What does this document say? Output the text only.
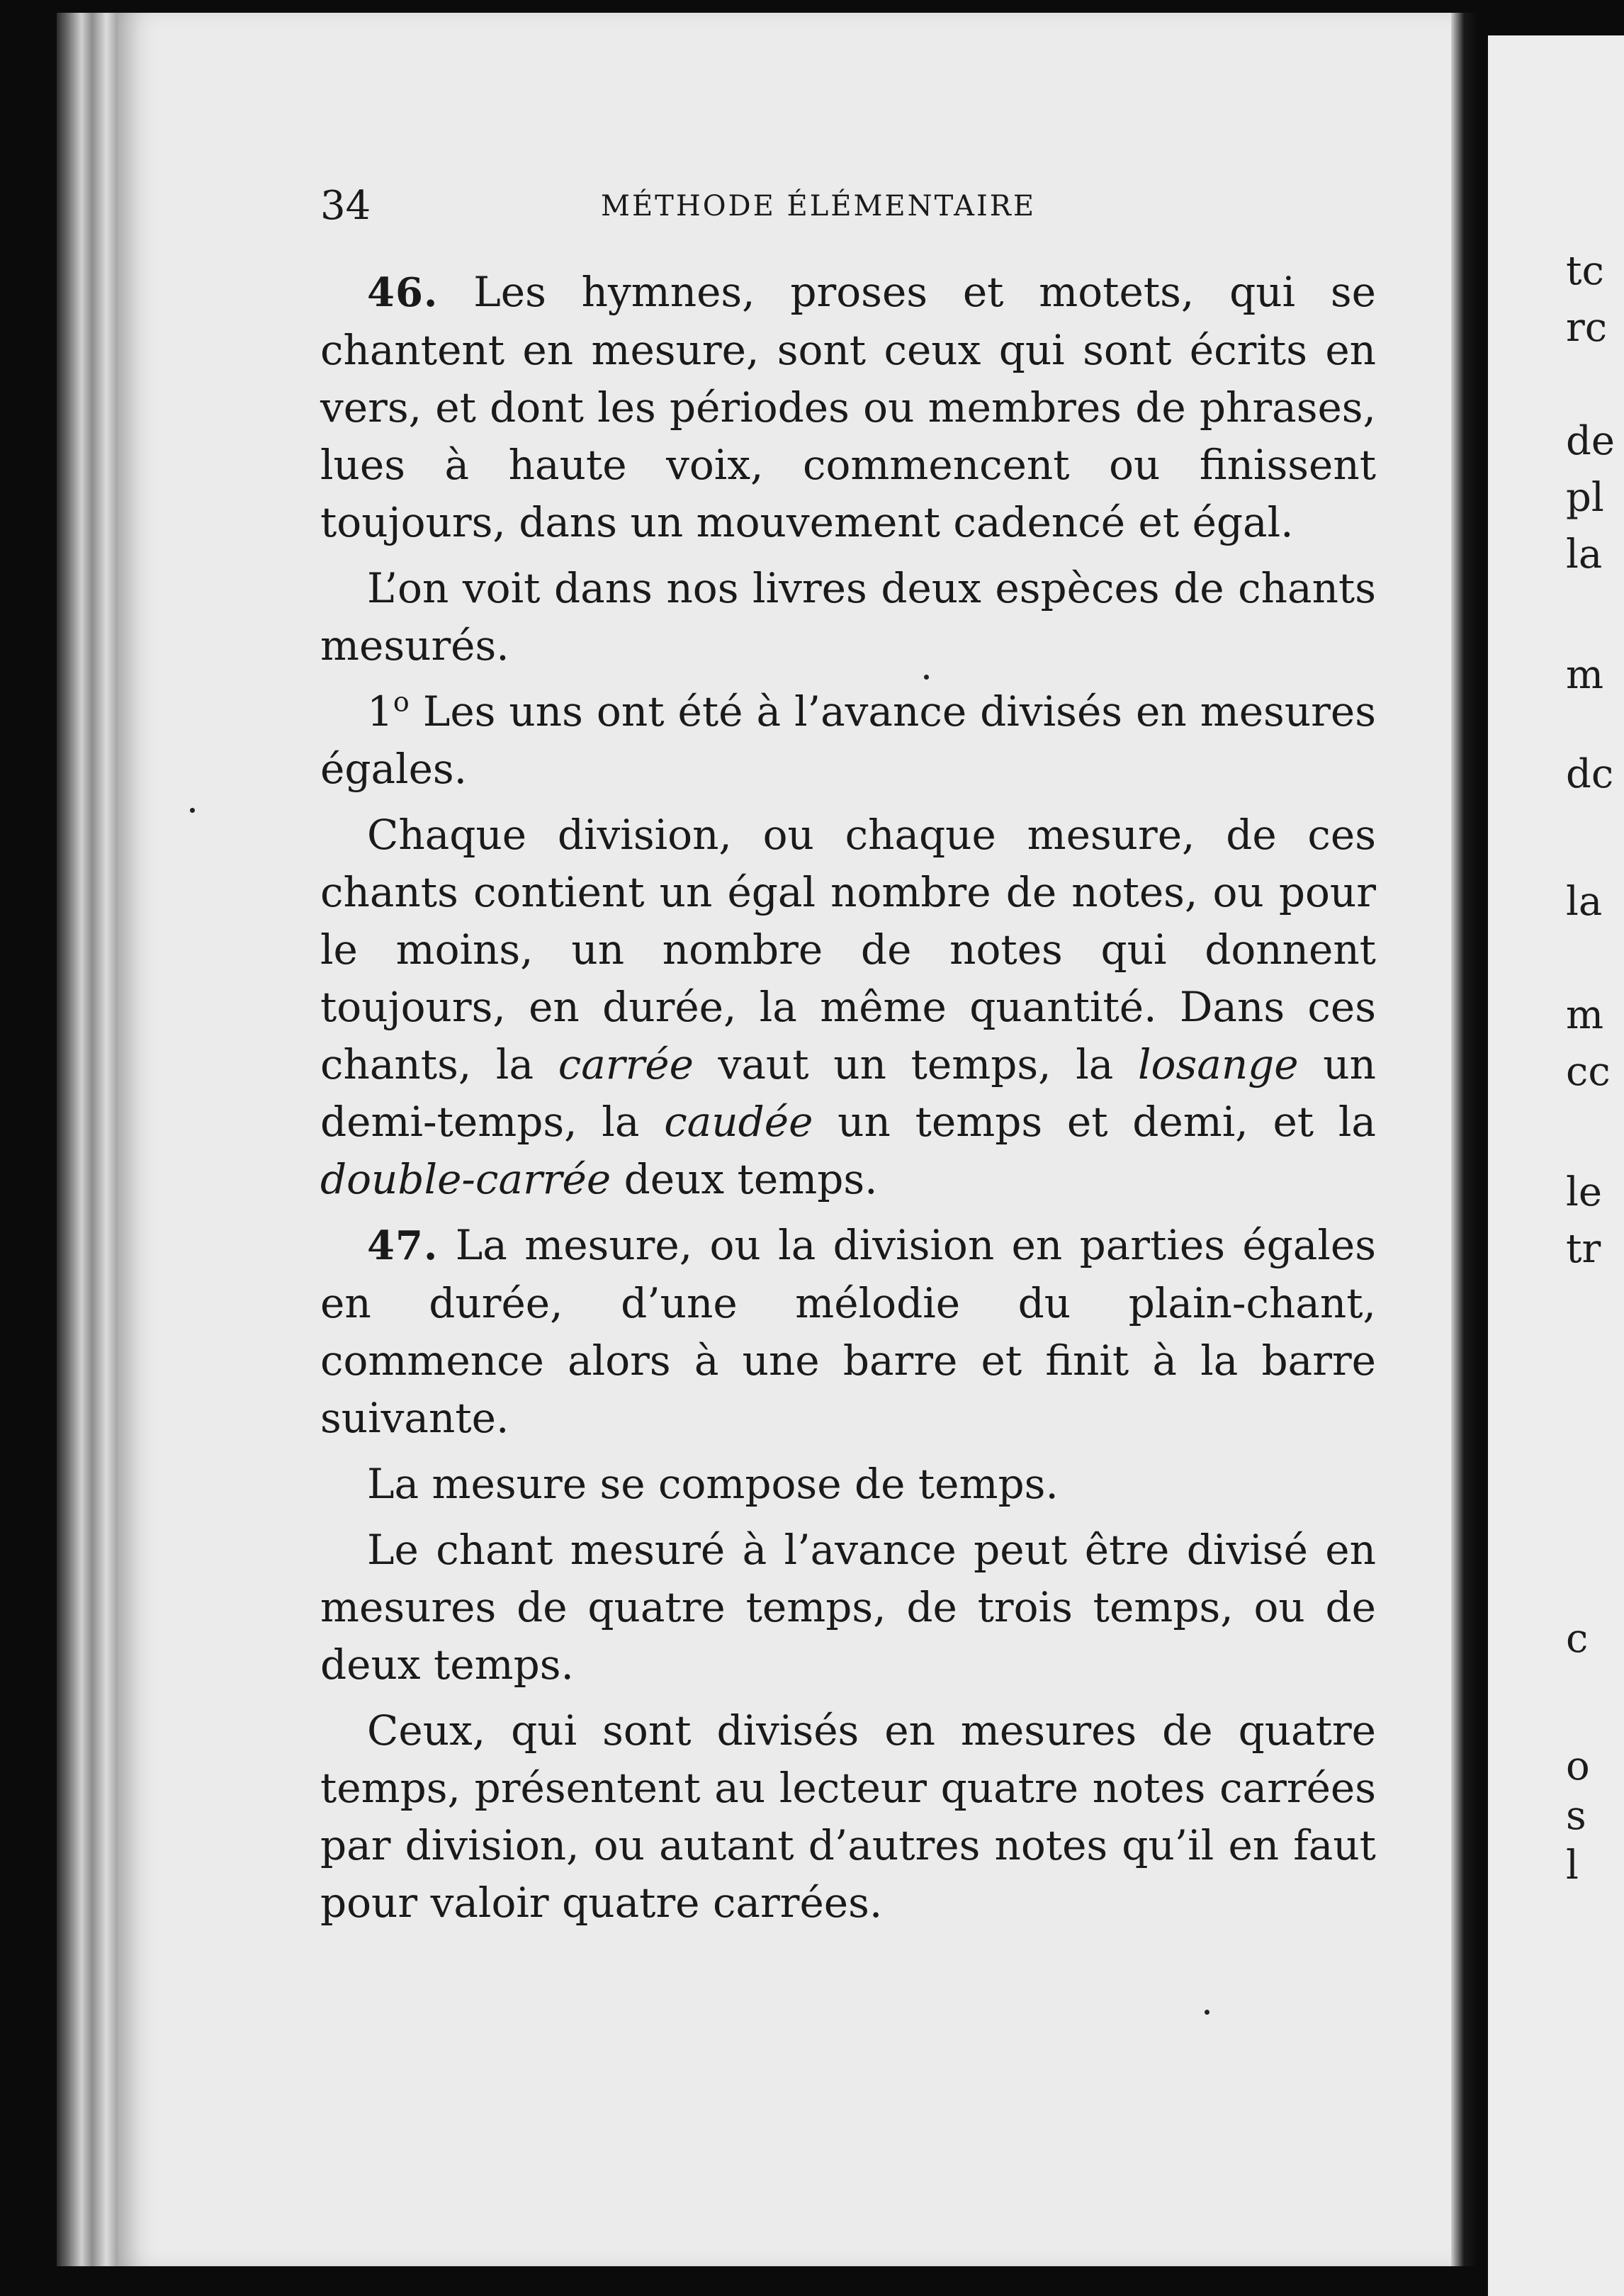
tc
rc
de
pl
la
m
dc
la
m
cc
le
tr
c
o
s
l
34	MÉTHODE ÉLÉMENTAIRE

46. Les hymnes, proses et motets, qui se chantent en mesure, sont ceux qui sont écrits en vers, et dont les périodes ou membres de phrases, lues à haute voix, commencent ou finissent toujours, dans un mouvement cadencé et égal.

L’on voit dans nos livres deux espèces de chants mesurés.

1$^o$ Les uns ont été à l’avance divisés en mesures égales.

Chaque division, ou chaque mesure, de ces chants contient un égal nombre de notes, ou pour le moins, un nombre de notes qui donnent toujours, en durée, la même quantité. Dans ces chants, la carrée vaut un temps, la losange un demi-temps, la caudée un temps et demi, et la double-carrée deux temps.

47. La mesure, ou la division en parties égales en durée, d’une mélodie du plain-chant, commence alors à une barre et finit à la barre suivante.

La mesure se compose de temps.

Le chant mesuré à l’avance peut être divisé en mesures de quatre temps, de trois temps, ou de deux temps.

Ceux, qui sont divisés en mesures de quatre temps, présentent au lecteur quatre notes carrées par division, ou autant d’autres notes qu’il en faut pour valoir quatre carrées.
